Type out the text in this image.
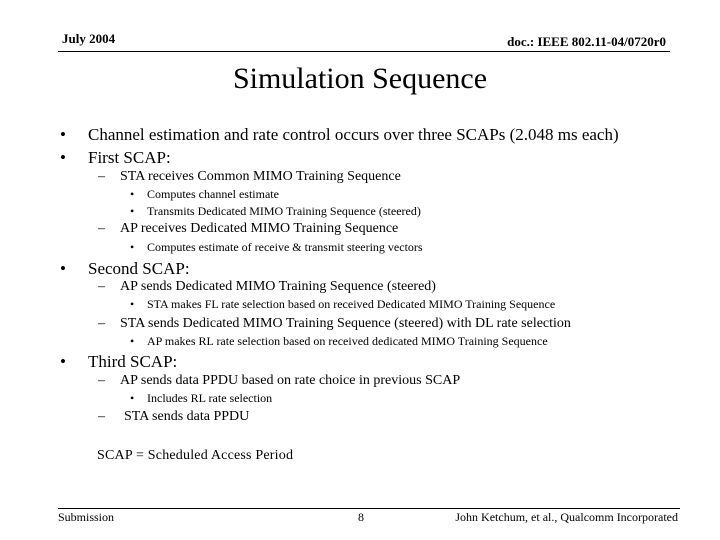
July 2004	doc.: IEEE 802.11-04/0720r0
Simulation Sequence
• Channel estimation and rate control occurs over three SCAPs (2.048 ms each)
• First SCAP:
– STA receives Common MIMO Training Sequence
• Computes channel estimate
• Transmits Dedicated MIMO Training Sequence (steered)
– AP receives Dedicated MIMO Training Sequence
• Computes estimate of receive & transmit steering vectors
• Second SCAP:
– AP sends Dedicated MIMO Training Sequence (steered)
• STA makes FL rate selection based on received Dedicated MIMO Training Sequence
– STA sends Dedicated MIMO Training Sequence (steered) with DL rate selection
• AP makes RL rate selection based on received dedicated MIMO Training Sequence
• Third SCAP:
– AP sends data PPDU based on rate choice in previous SCAP
• Includes RL rate selection
– STA sends data PPDU
SCAP = Scheduled Access Period
Submission	8	John Ketchum, et al., Qualcomm Incorporated
